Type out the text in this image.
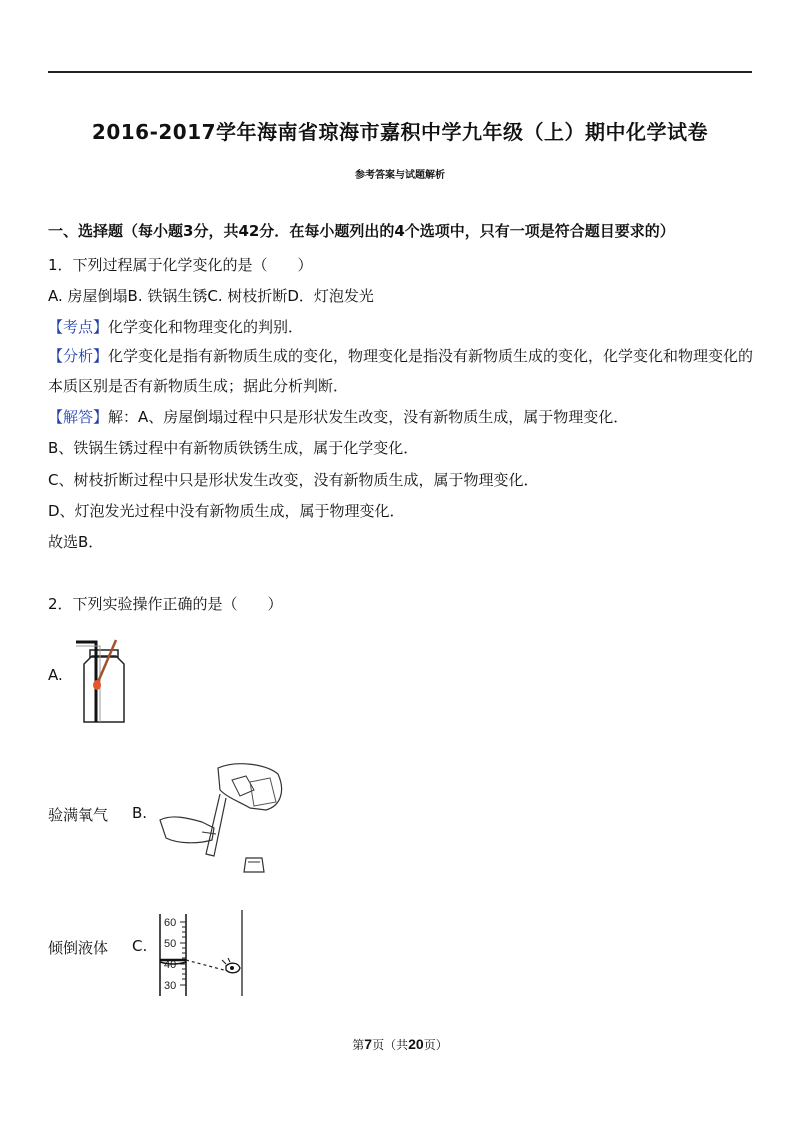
2016-2017学年海南省琼海市嘉积中学九年级（上）期中化学试卷
参考答案与试题解析
一、选择题（每小题3分，共42分．在每小题列出的4个选项中，只有一项是符合题目要求的）
1．下列过程属于化学变化的是（　　）
A. 房屋倒塌B. 铁锅生锈C. 树枝折断D．灯泡发光
【考点】化学变化和物理变化的判别．
【分析】化学变化是指有新物质生成的变化，物理变化是指没有新物质生成的变化，化学变化和物理变化的本质区别是否有新物质生成；据此分析判断．
【解答】解：A、房屋倒塌过程中只是形状发生改变，没有新物质生成，属于物理变化．
B、铁锅生锈过程中有新物质铁锈生成，属于化学变化．
C、树枝折断过程中只是形状发生改变，没有新物质生成，属于物理变化．
D、灯泡发光过程中没有新物质生成，属于物理变化．
故选B．
2．下列实验操作正确的是（　　）
A.
验满氧气 B.
倾倒液体 C.
60
50
40
30
第7页（共20页）
